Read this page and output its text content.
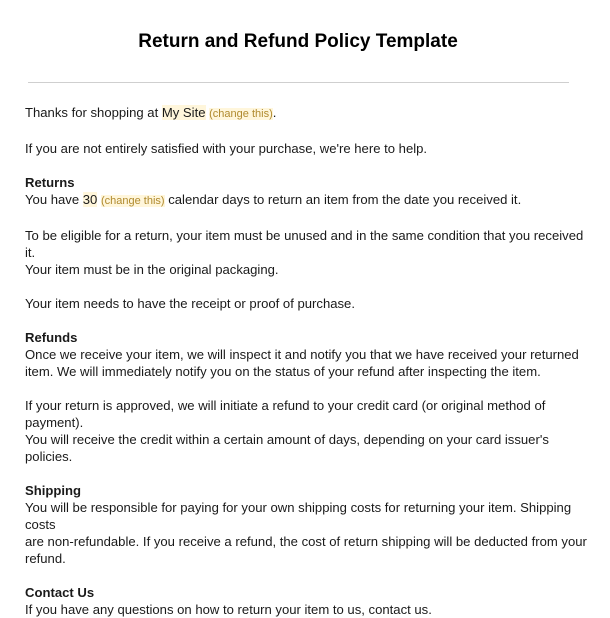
Return and Refund Policy Template

Thanks for shopping at My Site (change this).

If you are not entirely satisfied with your purchase, we're here to help.

Returns

You have 30 (change this) calendar days to return an item from the date you received it.

To be eligible for a return, your item must be unused and in the same condition that you received it.

Your item must be in the original packaging.

Your item needs to have the receipt or proof of purchase.

Refunds

Once we receive your item, we will inspect it and notify you that we have received your returned

item. We will immediately notify you on the status of your refund after inspecting the item.

If your return is approved, we will initiate a refund to your credit card (or original method of payment).

You will receive the credit within a certain amount of days, depending on your card issuer's policies.

Shipping

You will be responsible for paying for your own shipping costs for returning your item. Shipping costs

are non-refundable. If you receive a refund, the cost of return shipping will be deducted from your

refund.

Contact Us

If you have any questions on how to return your item to us, contact us.
